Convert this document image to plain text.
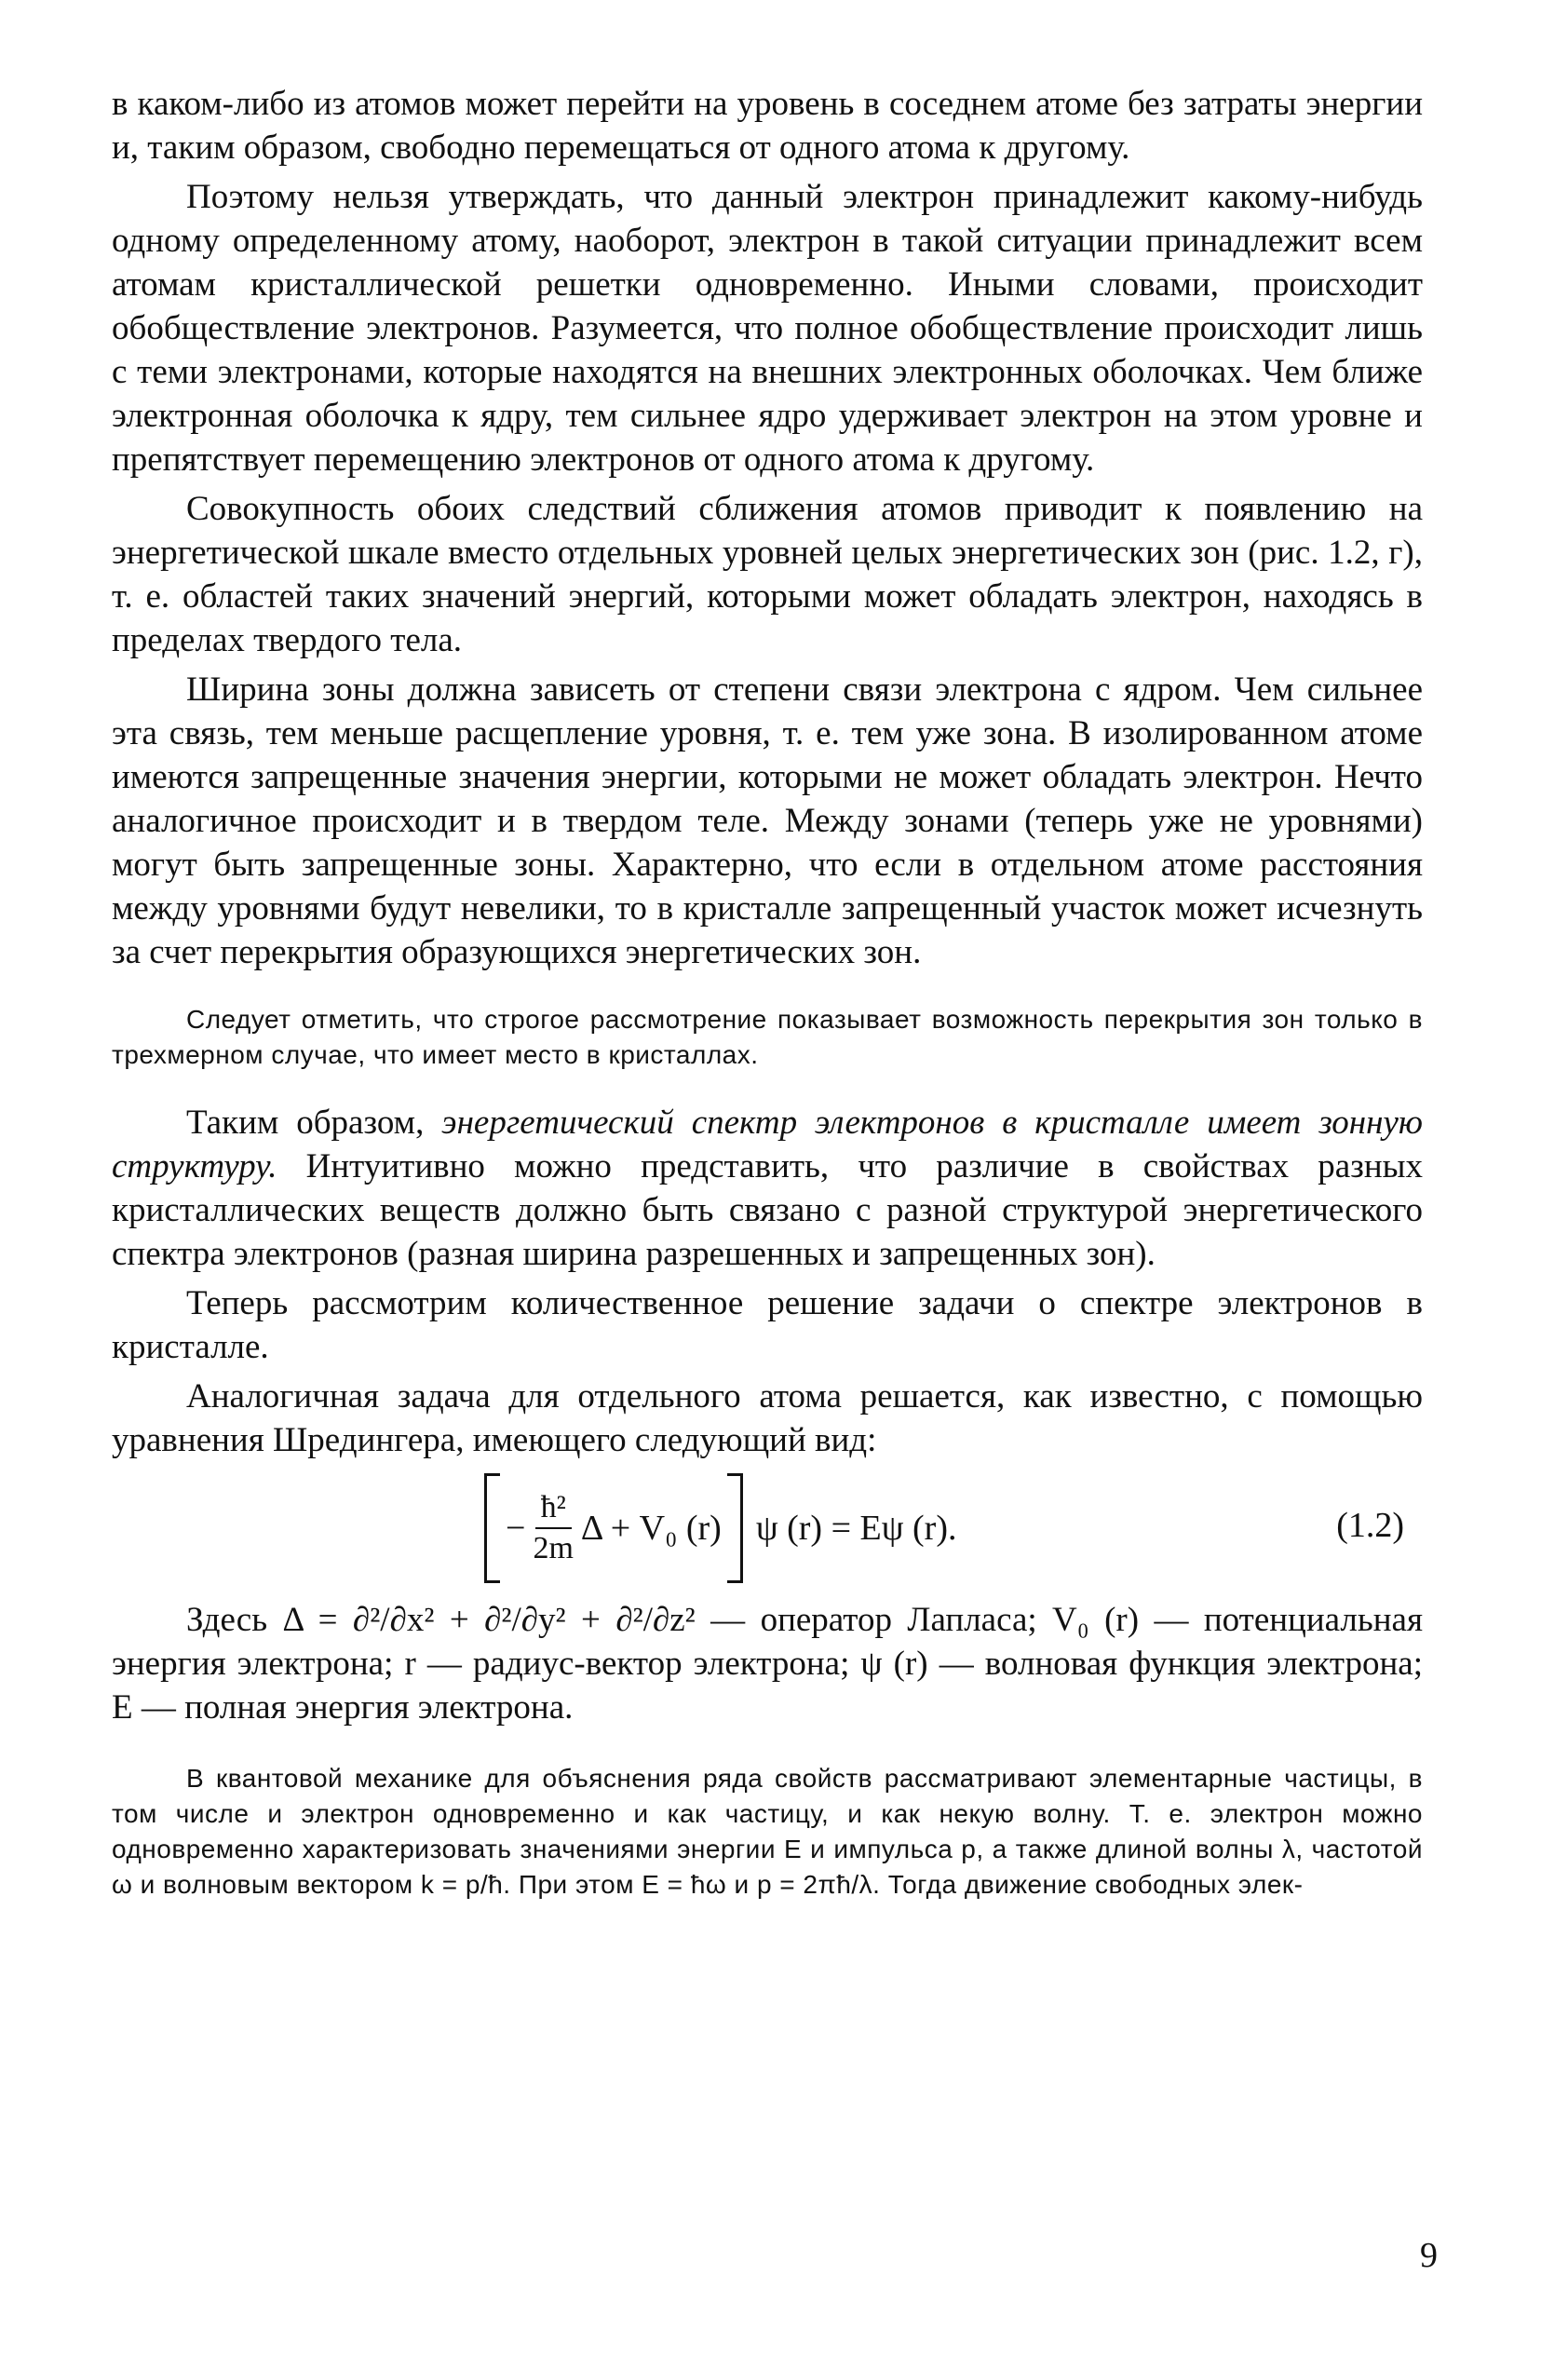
в каком-либо из атомов может перейти на уровень в соседнем атоме без затраты энергии и, таким образом, свободно перемещаться от одного атома к другому.

Поэтому нельзя утверждать, что данный электрон принадлежит какому-нибудь одному определенному атому, наоборот, электрон в такой ситуации принадлежит всем атомам кристаллической решетки одновременно. Иными словами, происходит обобществление электронов. Разумеется, что полное обобществление происходит лишь с теми электронами, которые находятся на внешних электронных оболочках. Чем ближе электронная оболочка к ядру, тем сильнее ядро удерживает электрон на этом уровне и препятствует перемещению электронов от одного атома к другому.

Совокупность обоих следствий сближения атомов приводит к появлению на энергетической шкале вместо отдельных уровней целых энергетических зон (рис. 1.2, г), т. е. областей таких значений энергий, которыми может обладать электрон, находясь в пределах твердого тела.

Ширина зоны должна зависеть от степени связи электрона с ядром. Чем сильнее эта связь, тем меньше расщепление уровня, т. е. тем уже зона. В изолированном атоме имеются запрещенные значения энергии, которыми не может обладать электрон. Нечто аналогичное происходит и в твердом теле. Между зонами (теперь уже не уровнями) могут быть запрещенные зоны. Характерно, что если в отдельном атоме расстояния между уровнями будут невелики, то в кристалле запрещенный участок может исчезнуть за счет перекрытия образующихся энергетических зон.

Следует отметить, что строгое рассмотрение показывает возможность перекрытия зон только в трехмерном случае, что имеет место в кристаллах.

Таким образом, энергетический спектр электронов в кристалле имеет зонную структуру. Интуитивно можно представить, что различие в свойствах разных кристаллических веществ должно быть связано с разной структурой энергетического спектра электронов (разная ширина разрешенных и запрещенных зон).

Теперь рассмотрим количественное решение задачи о спектре электронов в кристалле.

Аналогичная задача для отдельного атома решается, как известно, с помощью уравнения Шредингера, имеющего следующий вид:

− $\frac{\text{ħ²}}{2m}$ Δ + V₀ (r) ψ (r) = Eψ (r).	(1.2)

Здесь Δ = ∂²/∂x² + ∂²/∂y² + ∂²/∂z² — оператор Лапласа; V₀ (r) — потенциальная энергия электрона; r — радиус-вектор электрона; ψ (r) — волновая функция электрона; E — полная энергия электрона.

В квантовой механике для объяснения ряда свойств рассматривают элементарные частицы, в том числе и электрон одновременно и как частицу, и как некую волну. Т. е. электрон можно одновременно характеризовать значениями энергии E и импульса p, а также длиной волны λ, частотой ω и волновым вектором k = p/ħ. При этом E = ħω и p = 2πħ/λ. Тогда движение свободных элек-

9
